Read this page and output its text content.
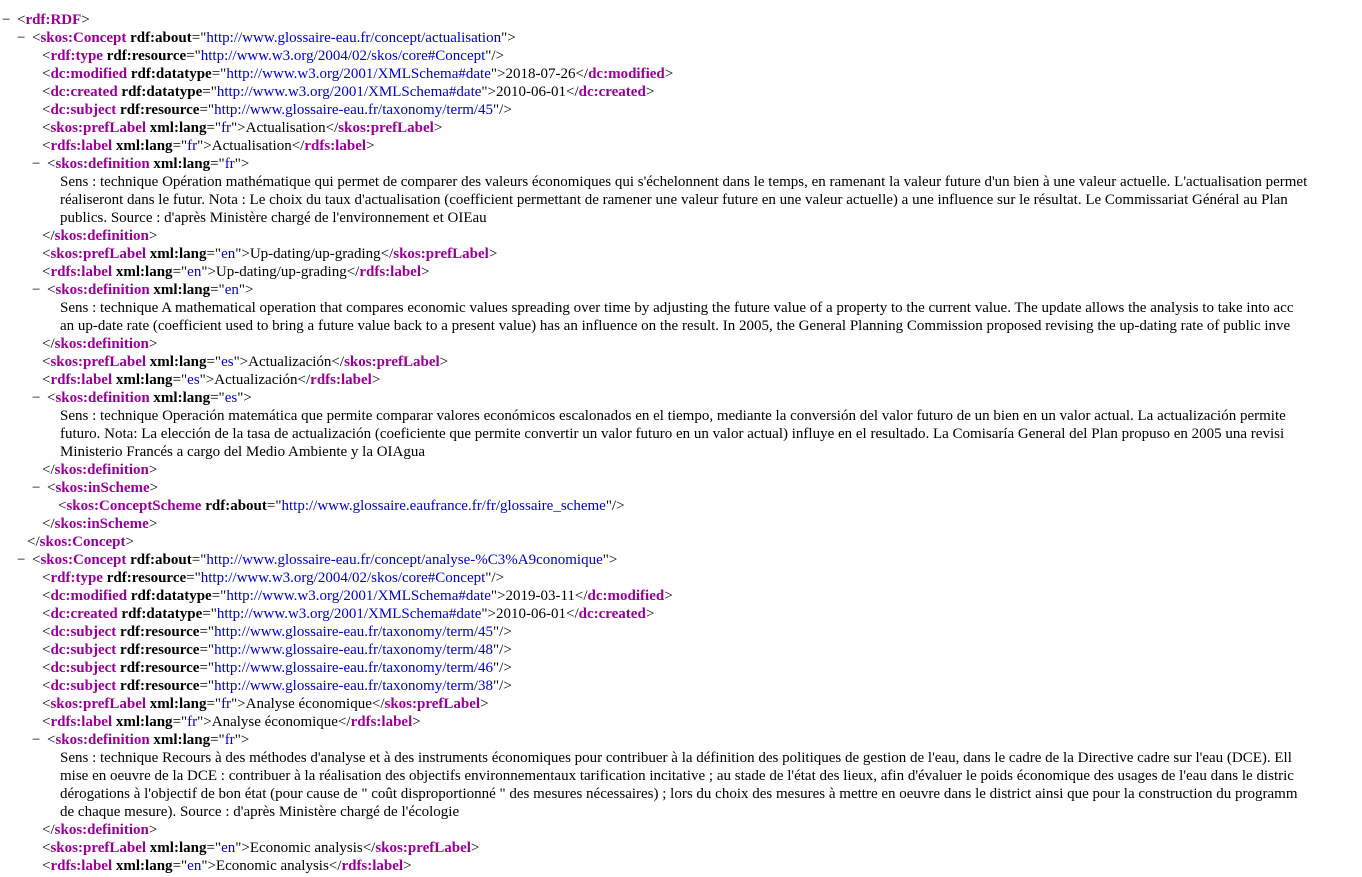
− <rdf:RDF>
− <skos:Concept rdf:about="http://www.glossaire-eau.fr/concept/actualisation">
<rdf:type rdf:resource="http://www.w3.org/2004/02/skos/core#Concept"/>
<dc:modified rdf:datatype="http://www.w3.org/2001/XMLSchema#date">2018-07-26</dc:modified>
<dc:created rdf:datatype="http://www.w3.org/2001/XMLSchema#date">2010-06-01</dc:created>
<dc:subject rdf:resource="http://www.glossaire-eau.fr/taxonomy/term/45"/>
<skos:prefLabel xml:lang="fr">Actualisation</skos:prefLabel>
<rdfs:label xml:lang="fr">Actualisation</rdfs:label>
− <skos:definition xml:lang="fr">
Sens : technique Opération mathématique qui permet de comparer des valeurs économiques qui s'échelonnent dans le temps, en ramenant la valeur future d'un bien à une valeur actuelle. L'actualisation permet
réaliseront dans le futur. Nota : Le choix du taux d'actualisation (coefficient permettant de ramener une valeur future en une valeur actuelle) a une influence sur le résultat. Le Commissariat Général au Plan
publics. Source : d'après Ministère chargé de l'environnement et OIEau
</skos:definition>
<skos:prefLabel xml:lang="en">Up-dating/up-grading</skos:prefLabel>
<rdfs:label xml:lang="en">Up-dating/up-grading</rdfs:label>
− <skos:definition xml:lang="en">
Sens : technique A mathematical operation that compares economic values spreading over time by adjusting the future value of a property to the current value. The update allows the analysis to take into acc
an up-date rate (coefficient used to bring a future value back to a present value) has an influence on the result. In 2005, the General Planning Commission proposed revising the up-dating rate of public inve
</skos:definition>
<skos:prefLabel xml:lang="es">Actualización</skos:prefLabel>
<rdfs:label xml:lang="es">Actualización</rdfs:label>
− <skos:definition xml:lang="es">
Sens : technique Operación matemática que permite comparar valores económicos escalonados en el tiempo, mediante la conversión del valor futuro de un bien en un valor actual. La actualización permite
futuro. Nota: La elección de la tasa de actualización (coeficiente que permite convertir un valor futuro en un valor actual) influye en el resultado. La Comisaría General del Plan propuso en 2005 una revisi
Ministerio Francés a cargo del Medio Ambiente y la OIAgua
</skos:definition>
− <skos:inScheme>
<skos:ConceptScheme rdf:about="http://www.glossaire.eaufrance.fr/fr/glossaire_scheme"/>
</skos:inScheme>
</skos:Concept>
− <skos:Concept rdf:about="http://www.glossaire-eau.fr/concept/analyse-%C3%A9conomique">
<rdf:type rdf:resource="http://www.w3.org/2004/02/skos/core#Concept"/>
<dc:modified rdf:datatype="http://www.w3.org/2001/XMLSchema#date">2019-03-11</dc:modified>
<dc:created rdf:datatype="http://www.w3.org/2001/XMLSchema#date">2010-06-01</dc:created>
<dc:subject rdf:resource="http://www.glossaire-eau.fr/taxonomy/term/45"/>
<dc:subject rdf:resource="http://www.glossaire-eau.fr/taxonomy/term/48"/>
<dc:subject rdf:resource="http://www.glossaire-eau.fr/taxonomy/term/46"/>
<dc:subject rdf:resource="http://www.glossaire-eau.fr/taxonomy/term/38"/>
<skos:prefLabel xml:lang="fr">Analyse économique</skos:prefLabel>
<rdfs:label xml:lang="fr">Analyse économique</rdfs:label>
− <skos:definition xml:lang="fr">
Sens : technique Recours à des méthodes d'analyse et à des instruments économiques pour contribuer à la définition des politiques de gestion de l'eau, dans le cadre de la Directive cadre sur l'eau (DCE). Ell
mise en oeuvre de la DCE : contribuer à la réalisation des objectifs environnementaux tarification incitative ; au stade de l'état des lieux, afin d'évaluer le poids économique des usages de l'eau dans le distric
dérogations à l'objectif de bon état (pour cause de " coût disproportionné " des mesures nécessaires) ; lors du choix des mesures à mettre en oeuvre dans le district ainsi que pour la construction du programm
de chaque mesure). Source : d'après Ministère chargé de l'écologie
</skos:definition>
<skos:prefLabel xml:lang="en">Economic analysis</skos:prefLabel>
<rdfs:label xml:lang="en">Economic analysis</rdfs:label>
